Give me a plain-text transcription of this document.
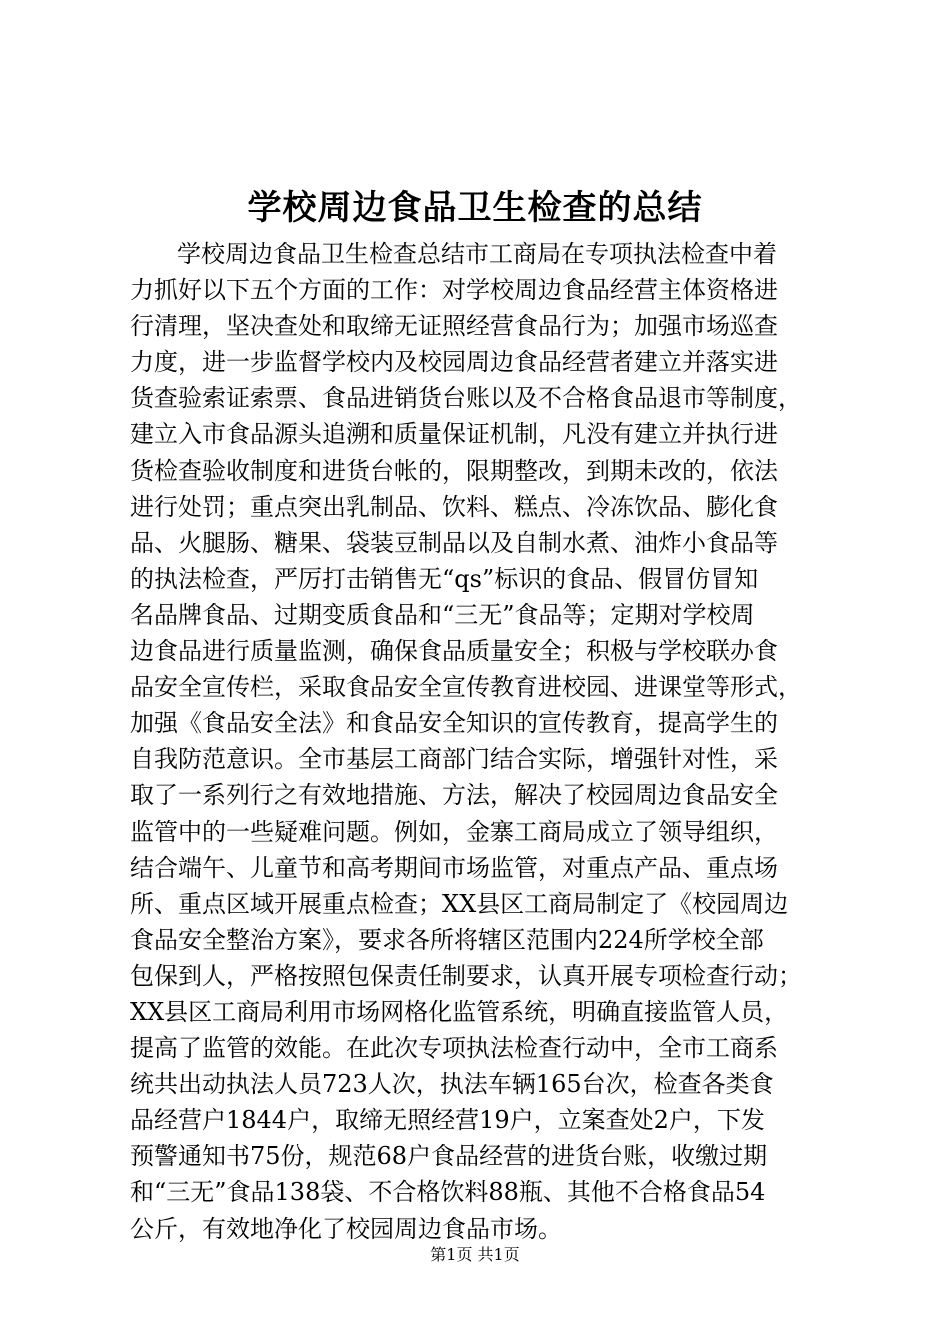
学校周边食品卫生检查的总结
学校周边食品卫生检查总结市工商局在专项执法检查中着
力抓好以下五个方面的工作：对学校周边食品经营主体资格进
行清理，坚决查处和取缔无证照经营食品行为；加强市场巡查
力度，进一步监督学校内及校园周边食品经营者建立并落实进
货查验索证索票、食品进销货台账以及不合格食品退市等制度，
建立入市食品源头追溯和质量保证机制，凡没有建立并执行进
货检查验收制度和进货台帐的，限期整改，到期未改的，依法
进行处罚；重点突出乳制品、饮料、糕点、冷冻饮品、膨化食
品、火腿肠、糖果、袋装豆制品以及自制水煮、油炸小食品等
的执法检查，严厉打击销售无“qs”标识的食品、假冒仿冒知
名品牌食品、过期变质食品和“三无”食品等；定期对学校周
边食品进行质量监测，确保食品质量安全；积极与学校联办食
品安全宣传栏，采取食品安全宣传教育进校园、进课堂等形式，
加强《食品安全法》和食品安全知识的宣传教育，提高学生的
自我防范意识。全市基层工商部门结合实际，增强针对性，采
取了一系列行之有效地措施、方法，解决了校园周边食品安全
监管中的一些疑难问题。例如，金寨工商局成立了领导组织，
结合端午、儿童节和高考期间市场监管，对重点产品、重点场
所、重点区域开展重点检查；XX县区工商局制定了《校园周边
食品安全整治方案》，要求各所将辖区范围内224所学校全部
包保到人，严格按照包保责任制要求，认真开展专项检查行动；
XX县区工商局利用市场网格化监管系统，明确直接监管人员，
提高了监管的效能。在此次专项执法检查行动中，全市工商系
统共出动执法人员723人次，执法车辆165台次，检查各类食
品经营户1844户，取缔无照经营19户，立案查处2户，下发
预警通知书75份，规范68户食品经营的进货台账，收缴过期
和“三无”食品138袋、不合格饮料88瓶、其他不合格食品54
公斤，有效地净化了校园周边食品市场。
第1页 共1页
